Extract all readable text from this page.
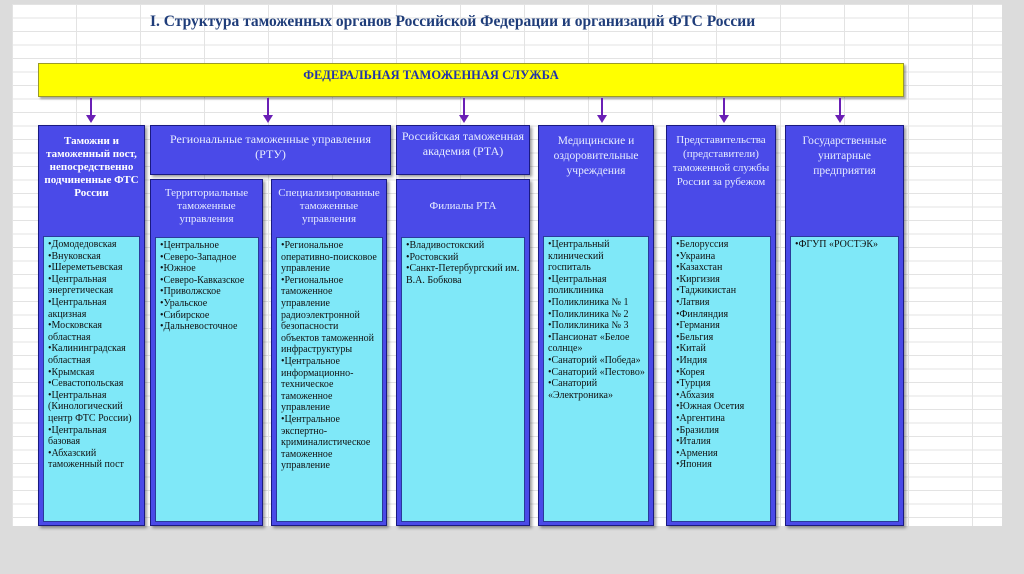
I. Структура таможенных органов Российской Федерации и организаций ФТС России
ФЕДЕРАЛЬНАЯ ТАМОЖЕННАЯ СЛУЖБА
Таможни и таможенный пост, непосредственно подчиненные ФТС России
•Домодедовская
•Внуковская
•Шереметьевская
•Центральная энергетическая
•Центральная акцизная
•Московская областная
•Калининградская областная
•Крымская
•Севастопольская
•Центральная (Кинологический центр ФТС России)
•Центральная базовая
•Абхазский таможенный пост
Региональные таможенные управления (РТУ)
Территориальные таможенные управления
•Центральное
•Северо-Западное
•Южное
•Северо-Кавказское
•Приволжское
•Уральское
•Сибирское
•Дальневосточное
Специализированные таможенные управления
•Региональное оперативно-поисковое управление
•Региональное таможенное управление радиоэлектронной безопасности объектов таможенной инфраструктуры
•Центральное информационно-техническое таможенное управление
•Центральное экспертно-криминалистическое таможенное управление
Российская таможенная академия (РТА)
Филиалы РТА
•Владивостокский
•Ростовский
•Санкт-Петербургский им. В.А. Бобкова
Медицинские и оздоровительные учреждения
•Центральный клинический госпиталь
•Центральная поликлиника
•Поликлиника № 1
•Поликлиника № 2
•Поликлиника № 3
•Пансионат «Белое солнце»
•Санаторий «Победа»
•Санаторий «Пестово»
•Санаторий «Электроника»
Представительства (представители) таможенной службы России за рубежом
•Белоруссия
•Украина
•Казахстан
•Киргизия
•Таджикистан
•Латвия
•Финляндия
•Германия
•Бельгия
•Китай
•Индия
•Корея
•Турция
•Абхазия
•Южная Осетия
•Аргентина
•Бразилия
•Италия
•Армения
•Япония
Государственные унитарные предприятия
•ФГУП «РОСТЭК»
